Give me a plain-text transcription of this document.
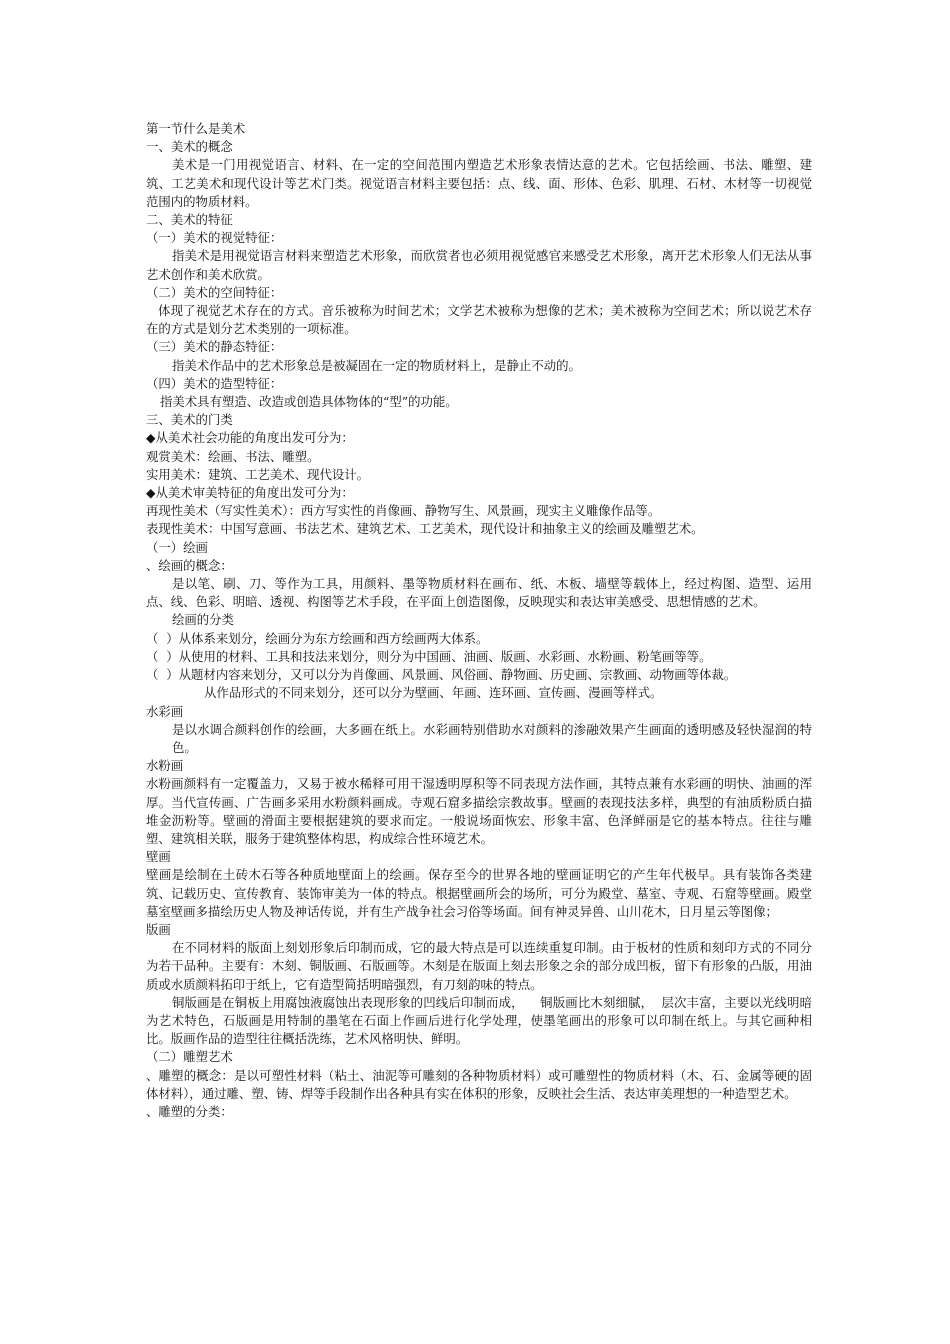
第一节什么是美术

一、美术的概念

美术是一门用视觉语言、材料、在一定的空间范围内塑造艺术形象表情达意的艺术。它包括绘画、书法、雕塑、建筑、工艺美术和现代设计等艺术门类。视觉语言材料主要包括：点、线、面、形体、色彩、肌理、石材、木材等一切视觉范围内的物质材料。

二、美术的特征

（一）美术的视觉特征：

指美术是用视觉语言材料来塑造艺术形象，而欣赏者也必须用视觉感官来感受艺术形象，离开艺术形象人们无法从事艺术创作和美术欣赏。

（二）美术的空间特征：

体现了视觉艺术存在的方式。音乐被称为时间艺术；文学艺术被称为想像的艺术；美术被称为空间艺术；所以说艺术存在的方式是划分艺术类别的一项标准。

（三）美术的静态特征：

指美术作品中的艺术形象总是被凝固在一定的物质材料上，是静止不动的。

（四）美术的造型特征：

指美术具有塑造、改造或创造具体物体的“型”的功能。

三、美术的门类

◆从美术社会功能的角度出发可分为：

观赏美术：绘画、书法、雕塑。

实用美术：建筑、工艺美术、现代设计。

◆从美术审美特征的角度出发可分为：

再现性美术（写实性美术）：西方写实性的肖像画、静物写生、风景画，现实主义雕像作品等。

表现性美术：中国写意画、书法艺术、建筑艺术、工艺美术，现代设计和抽象主义的绘画及雕塑艺术。

（一）绘画

、绘画的概念：

是以笔、刷、刀、等作为工具，用颜料、墨等物质材料在画布、纸、木板、墙壁等载体上，经过构图、造型、运用点、线、色彩、明暗、透视、构图等艺术手段，在平面上创造图像，反映现实和表达审美感受、思想情感的艺术。

绘画的分类

（  ）从体系来划分，绘画分为东方绘画和西方绘画两大体系。

（  ）从使用的材料、工具和技法来划分，则分为中国画、油画、版画、水彩画、水粉画、粉笔画等等。

（  ）从题材内容来划分，又可以分为肖像画、风景画、风俗画、静物画、历史画、宗教画、动物画等体裁。

从作品形式的不同来划分，还可以分为壁画、年画、连环画、宣传画、漫画等样式。

水彩画

是以水调合颜料创作的绘画，大多画在纸上。水彩画特别借助水对颜料的渗融效果产生画面的透明感及轻快湿润的特色。

水粉画

水粉画颜料有一定覆盖力，又易于被水稀释可用干湿透明厚积等不同表现方法作画，其特点兼有水彩画的明快、油画的浑厚。当代宣传画、广告画多采用水粉颜料画成。寺观石窟多描绘宗教故事。壁画的表现技法多样，典型的有油质粉质白描堆金沥粉等。壁画的滑面主要根据建筑的要求而定。一般说场面恢宏、形象丰富、色泽鲜丽是它的基本特点。往往与雕塑、建筑相关联，服务于建筑整体构思，构成综合性环境艺术。

壁画

壁画是绘制在土砖木石等各种质地壁面上的绘画。保存至今的世界各地的壁画证明它的产生年代极早。具有装饰各类建筑、记载历史、宣传教育、装饰审美为一体的特点。根据壁画所会的场所，可分为殿堂、墓室、寺观、石窟等壁画。殿堂墓室壁画多描绘历史人物及神话传说，并有生产战争社会习俗等场面。间有神灵异兽、山川花木，日月星云等图像；

版画

在不同材料的版面上刻划形象后印制而成，它的最大特点是可以连续重复印制。由于板材的性质和刻印方式的不同分为若干品种。主要有：木刻、铜版画、石版画等。木刻是在版面上刻去形象之余的部分成凹板，留下有形象的凸版，用油质或水质颜料拓印于纸上，它有造型简括明暗强烈，有刀刻韵味的特点。

铜版画是在铜板上用腐蚀液腐蚀出表现形象的凹线后印制而成，    铜版画比木刻细腻，  层次丰富，主要以光线明暗为艺术特色，石版画是用特制的墨笔在石面上作画后进行化学处理，使墨笔画出的形象可以印制在纸上。与其它画种相比。版画作品的造型往往概括洗练，艺术风格明快、鲜明。

（二）雕塑艺术

、雕塑的概念：是以可塑性材料（粘土、油泥等可雕刻的各种物质材料）或可雕塑性的物质材料（木、石、金属等硬的固体材料），通过雕、塑、铸、焊等手段制作出各种具有实在体积的形象，反映社会生活、表达审美理想的一种造型艺术。

、雕塑的分类：
